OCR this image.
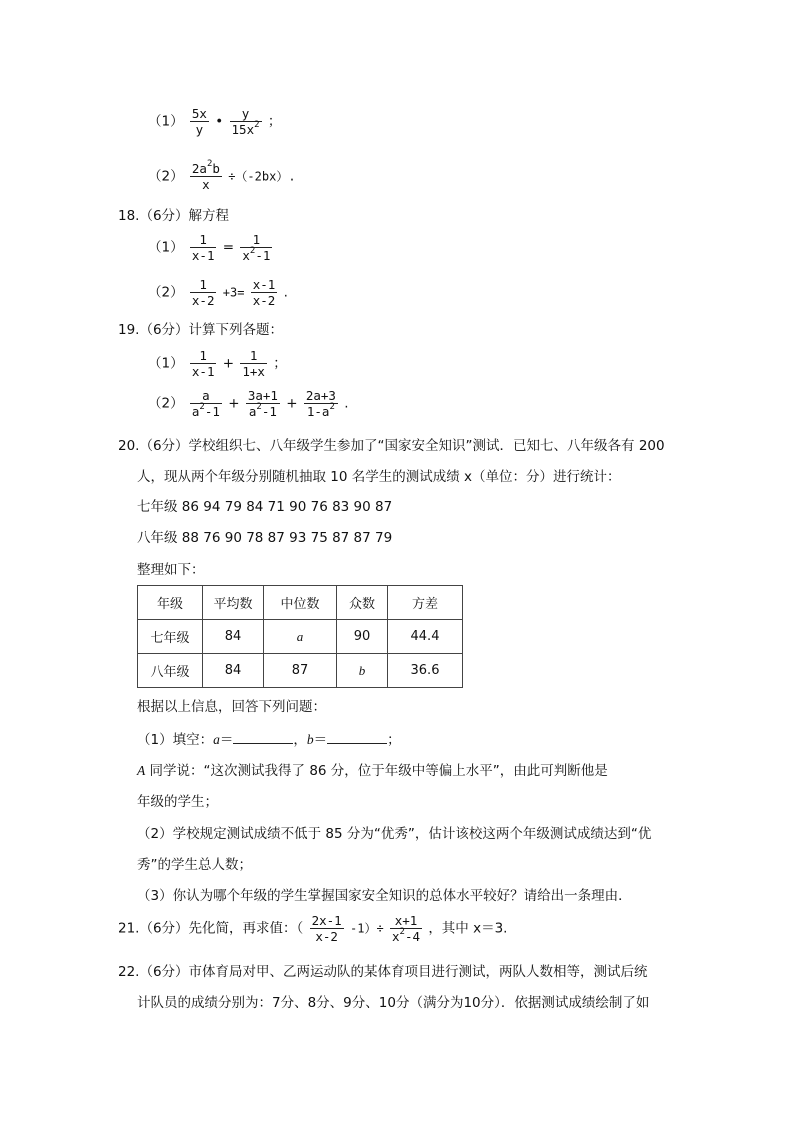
$(1) \frac{5x}{y}$ • $\frac{y}{15x^2}$ ；
$(2) \frac{2a^2b}{x} \div(-2bx)$.
18.（6分）解方程
$(1) \frac{1}{x-1} = \frac{1}{x^2-1}$
$(2) \frac{1}{x-2} +3= \frac{x-1}{x-2}$ .
19.（6分）计算下列各题：
$(1) \frac{1}{x-1} + \frac{1}{1+x}$ ；
$(2) \frac{a}{a^2-1} + \frac{3a+1}{a^2-1} + \frac{2a+3}{1-a^2}$ .
20.（6分）学校组织七、八年级学生参加了“国家安全知识”测试．已知七、八年级各有 200
人，现从两个年级分别随机抽取 10 名学生的测试成绩 x（单位：分）进行统计：
七年级 86 94 79 84 71 90 76 83 90 87
八年级 88 76 90 78 87 93 75 87 87 79
整理如下：
年级	平均数	中位数	众数	方差
七年级	84	a	90	44.4
八年级	84	87	b	36.6
根据以上信息，回答下列问题：
（1）填空：a＝	，b＝	；
A 同学说：“这次测试我得了 86 分，位于年级中等偏上水平”，由此可判断他是
年级的学生；
（2）学校规定测试成绩不低于 85 分为“优秀”，估计该校这两个年级测试成绩达到“优
秀”的学生总人数；
（3）你认为哪个年级的学生掌握国家安全知识的总体水平较好？请给出一条理由．
21.（6分）先化简，再求值：（ $\frac{2x-1}{x-2} -1)\div \frac{x+1}{x^2-4}$ ，其中 x＝3.
22.（6分）市体育局对甲、乙两运动队的某体育项目进行测试，两队人数相等，测试后统
计队员的成绩分别为：7分、8分、9分、10分（满分为10分）．依据测试成绩绘制了如
